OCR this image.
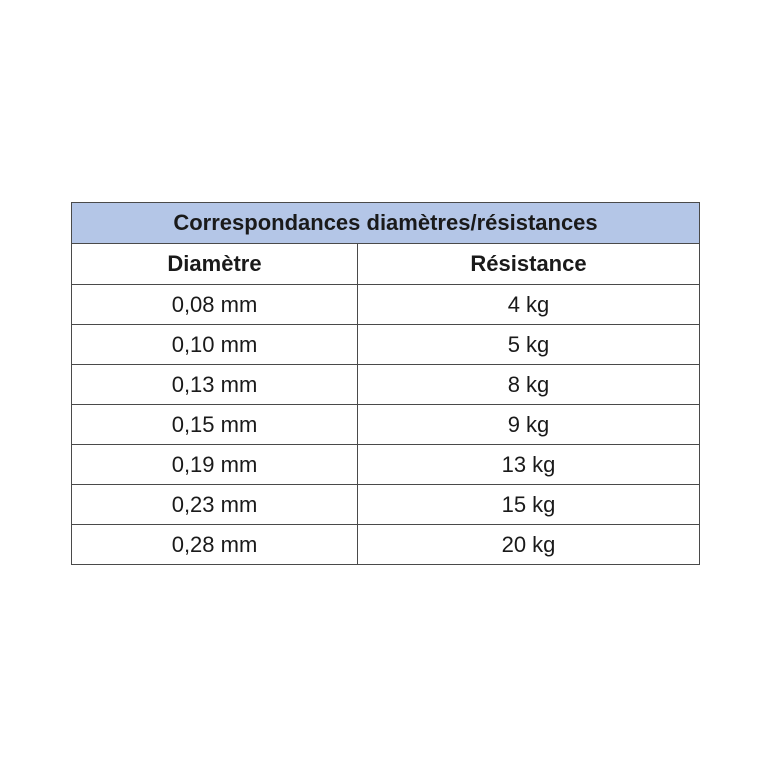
Correspondances diamètres/résistances	
Diamètre	Résistance
0,08 mm	4 kg
0,10 mm	5 kg
0,13 mm	8 kg
0,15 mm	9 kg
0,19 mm	13 kg
0,23 mm	15 kg
0,28 mm	20 kg
